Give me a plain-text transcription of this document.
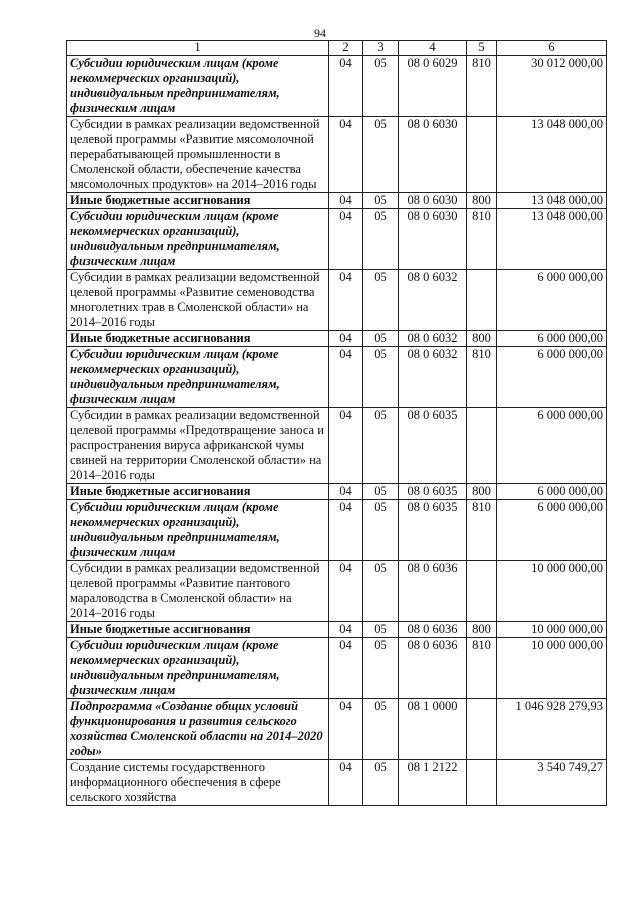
94
1	2	3	4	5	6
Субсидии юридическим лицам (кроме некоммерческих организаций), индивидуальным предпринимателям, физическим лицам	04	05	08 0 6029	810	30 012 000,00
Субсидии в рамках реализации ведомственной целевой программы «Развитие мясомолочной перерабатывающей промышленности в Смоленской области, обеспечение качества мясомолочных продуктов» на 2014–2016 годы	04	05	08 0 6030		13 048 000,00
Иные бюджетные ассигнования	04	05	08 0 6030	800	13 048 000,00
Субсидии юридическим лицам (кроме некоммерческих организаций), индивидуальным предпринимателям, физическим лицам	04	05	08 0 6030	810	13 048 000,00
Субсидии в рамках реализации ведомственной целевой программы «Развитие семеноводства многолетних трав в Смоленской области» на 2014–2016 годы	04	05	08 0 6032		6 000 000,00
Иные бюджетные ассигнования	04	05	08 0 6032	800	6 000 000,00
Субсидии юридическим лицам (кроме некоммерческих организаций), индивидуальным предпринимателям, физическим лицам	04	05	08 0 6032	810	6 000 000,00
Субсидии в рамках реализации ведомственной целевой программы «Предотвращение заноса и распространения вируса африканской чумы свиней на территории Смоленской области» на 2014–2016 годы	04	05	08 0 6035		6 000 000,00
Иные бюджетные ассигнования	04	05	08 0 6035	800	6 000 000,00
Субсидии юридическим лицам (кроме некоммерческих организаций), индивидуальным предпринимателям, физическим лицам	04	05	08 0 6035	810	6 000 000,00
Субсидии в рамках реализации ведомственной целевой программы «Развитие пантового мараловодства в Смоленской области» на 2014–2016 годы	04	05	08 0 6036		10 000 000,00
Иные бюджетные ассигнования	04	05	08 0 6036	800	10 000 000,00
Субсидии юридическим лицам (кроме некоммерческих организаций), индивидуальным предпринимателям, физическим лицам	04	05	08 0 6036	810	10 000 000,00
Подпрограмма «Создание общих условий функционирования и развития сельского хозяйства Смоленской области на 2014–2020 годы»	04	05	08 1 0000		1 046 928 279,93
Создание системы государственного информационного обеспечения в сфере сельского хозяйства	04	05	08 1 2122		3 540 749,27
